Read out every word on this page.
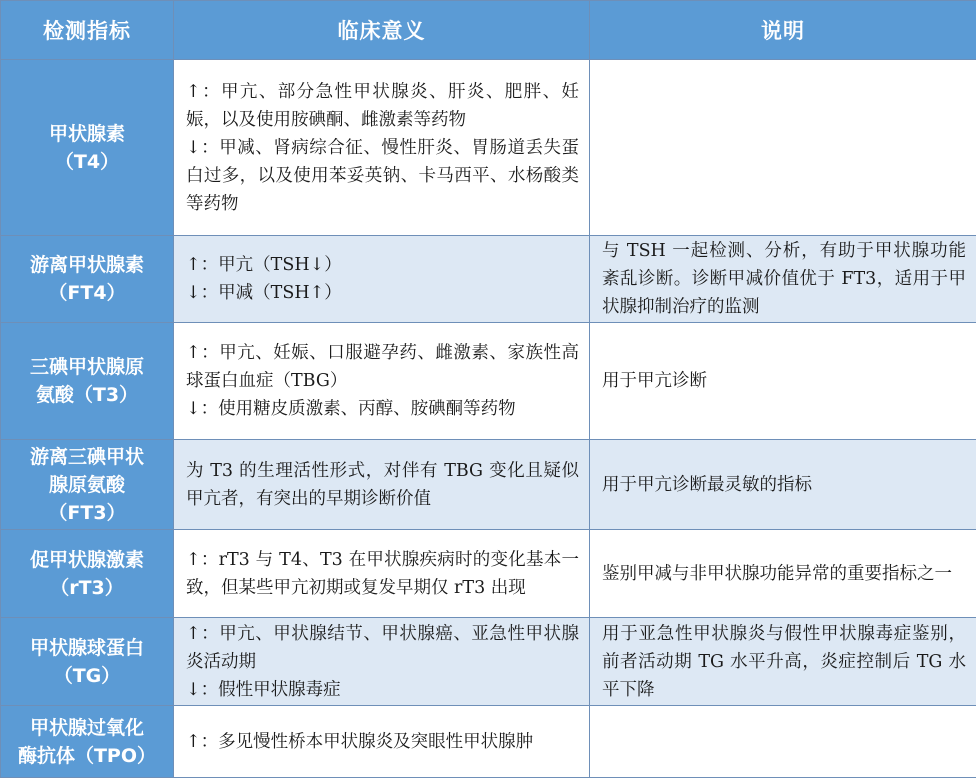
检测指标	临床意义	说明

甲状腺素
（T4）	↑：甲亢、部分急性甲状腺炎、肝炎、肥胖、妊娠，以及使用胺碘酮、雌激素等药物
↓：甲减、肾病综合征、慢性肝炎、胃肠道丢失蛋白过多，以及使用苯妥英钠、卡马西平、水杨酸类等药物	

游离甲状腺素
（FT4）	↑：甲亢（TSH↓）
↓：甲减（TSH↑）	与 TSH 一起检测、分析，有助于甲状腺功能紊乱诊断。诊断甲减价值优于 FT3，适用于甲状腺抑制治疗的监测

三碘甲状腺原
氨酸（T3）	↑：甲亢、妊娠、口服避孕药、雌激素、家族性高球蛋白血症（TBG）
↓：使用糖皮质激素、丙醇、胺碘酮等药物	用于甲亢诊断

游离三碘甲状
腺原氨酸
（FT3）	为 T3 的生理活性形式，对伴有 TBG 变化且疑似甲亢者，有突出的早期诊断价值	用于甲亢诊断最灵敏的指标

促甲状腺激素
（rT3）	↑：rT3 与 T4、T3 在甲状腺疾病时的变化基本一致，但某些甲亢初期或复发早期仅 rT3 出现	鉴别甲减与非甲状腺功能异常的重要指标之一

甲状腺球蛋白
（TG）	↑：甲亢、甲状腺结节、甲状腺癌、亚急性甲状腺炎活动期
↓：假性甲状腺毒症	用于亚急性甲状腺炎与假性甲状腺毒症鉴别，前者活动期 TG 水平升高，炎症控制后 TG 水平下降

甲状腺过氧化
酶抗体（TPO）	↑：多见慢性桥本甲状腺炎及突眼性甲状腺肿	
